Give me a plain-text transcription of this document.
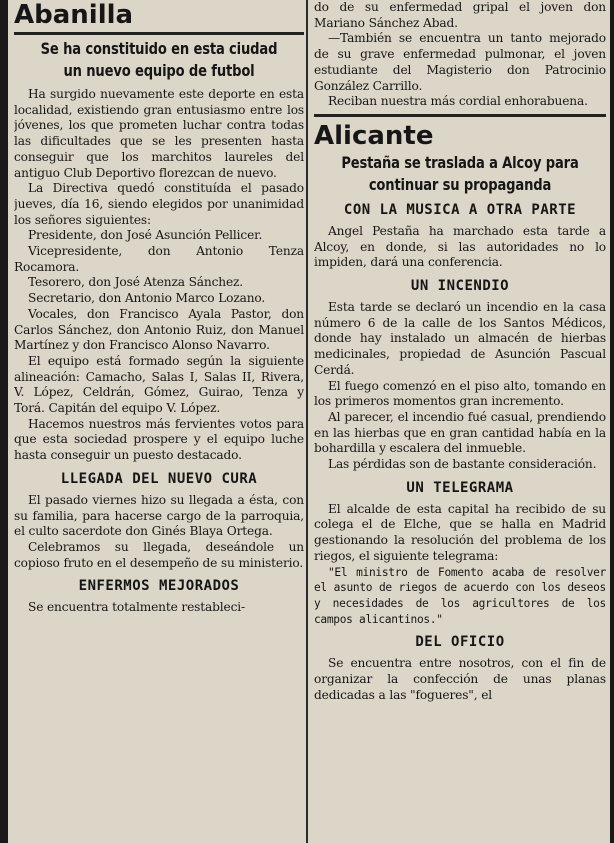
Abanilla
Se ha constituido en esta ciudad
un nuevo equipo de futbol

Ha surgido nuevamente este deporte en esta localidad, existiendo gran entusiasmo entre los jóvenes, los que prometen luchar contra todas las dificultades que se les presenten hasta conseguir que los marchitos laureles del antiguo Club Deportivo florezcan de nuevo.

La Directiva quedó constituída el pasado jueves, día 16, siendo elegidos por unanimidad los señores siguientes:

Presidente, don José Asunción Pellicer.

Vicepresidente, don Antonio Tenza Rocamora.

Tesorero, don José Atenza Sánchez.

Secretario, don Antonio Marco Lozano.

Vocales, don Francisco Ayala Pastor, don Carlos Sánchez, don Antonio Ruiz, don Manuel Martínez y don Francisco Alonso Navarro.

El equipo está formado según la siguiente alineación: Camacho, Salas I, Salas II, Rivera, V. López, Celdrán, Gómez, Guirao, Tenza y Torá. Capitán del equipo V. López.

Hacemos nuestros más fervientes votos para que esta sociedad prospere y el equipo luche hasta conseguir un puesto destacado.

LLEGADA DEL NUEVO CURA

El pasado viernes hizo su llegada a ésta, con su familia, para hacerse cargo de la parroquia, el culto sacerdote don Ginés Blaya Ortega.

Celebramos su llegada, deseándole un copioso fruto en el desempeño de su ministerio.

ENFERMOS MEJORADOS

Se encuentra totalmente restableci-

do de su enfermedad gripal el joven don Mariano Sánchez Abad.

—También se encuentra un tanto mejorado de su grave enfermedad pulmonar, el joven estudiante del Magisterio don Patrocinio González Carrillo.

Reciban nuestra más cordial enhorabuena.

Alicante
Pestaña se traslada a Alcoy para
continuar su propaganda
CON LA MUSICA A OTRA PARTE

Angel Pestaña ha marchado esta tarde a Alcoy, en donde, si las autoridades no lo impiden, dará una conferencia.

UN INCENDIO

Esta tarde se declaró un incendio en la casa número 6 de la calle de los Santos Médicos, donde hay instalado un almacén de hierbas medicinales, propiedad de Asunción Pascual Cerdá.

El fuego comenzó en el piso alto, tomando en los primeros momentos gran incremento.

Al parecer, el incendio fué casual, prendiendo en las hierbas que en gran cantidad había en la bohardilla y escalera del inmueble.

Las pérdidas son de bastante consideración.

UN TELEGRAMA

El alcalde de esta capital ha recibido de su colega el de Elche, que se halla en Madrid gestionando la resolución del problema de los riegos, el siguiente telegrama:

"El ministro de Fomento acaba de resolver el asunto de riegos de acuerdo con los deseos y necesidades de los agricultores de los campos alicantinos."

DEL OFICIO

Se encuentra entre nosotros, con el fin de organizar la confección de unas planas dedicadas a las "fogueres", el
